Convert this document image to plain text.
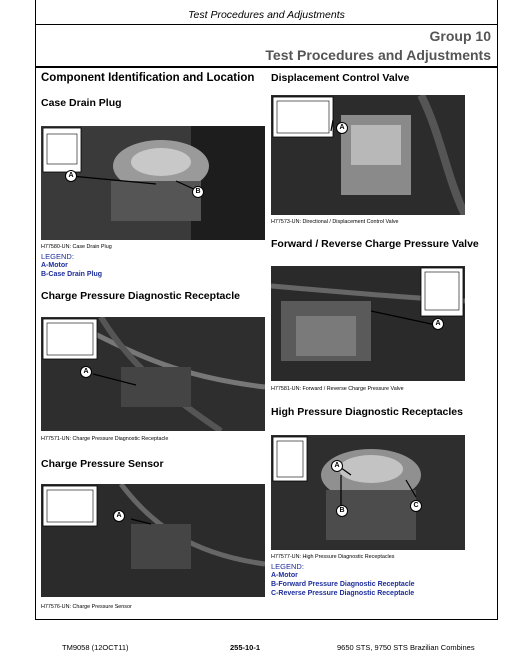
Test Procedures and Adjustments
Group 10
Test Procedures and Adjustments
Component Identification and Location
Case Drain Plug
A
B
H77580-UN: Case Drain Plug
LEGEND:
A-Motor
B-Case Drain Plug
Charge Pressure Diagnostic Receptacle
A
H77571-UN: Charge Pressure Diagnostic Receptacle
Charge Pressure Sensor
A
H77576-UN: Charge Pressure Sensor
Displacement Control Valve
A
H77573-UN: Directional / Displacement Control Valve
Forward / Reverse Charge Pressure Valve
A
H77581-UN: Forward / Reverse Charge Pressure Valve
High Pressure Diagnostic Receptacles
A
B
C
H77577-UN: High Pressure Diagnostic Receptacles
LEGEND:
A-Motor
B-Forward Pressure Diagnostic Receptacle
C-Reverse Pressure Diagnostic Receptacle
TM9058 (12OCT11)	255-10-1	9650 STS, 9750 STS Brazilian Combines
